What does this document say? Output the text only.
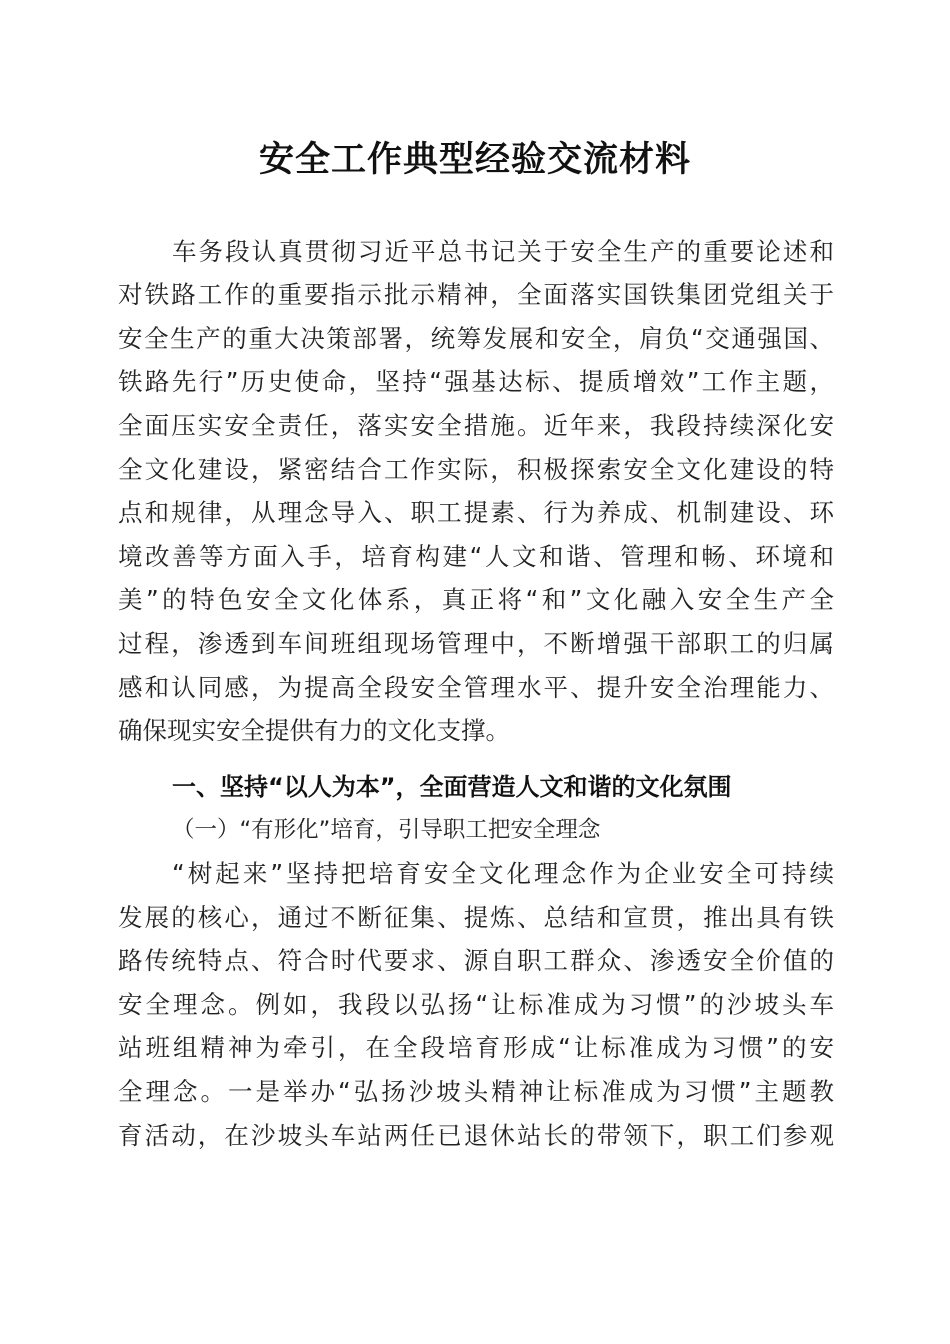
安全工作典型经验交流材料
车务段认真贯彻习近平总书记关于安全生产的重要论述和
对铁路工作的重要指示批示精神，全面落实国铁集团党组关于
安全生产的重大决策部署，统筹发展和安全，肩负“交通强国、
铁路先行”历史使命，坚持“强基达标、提质增效”工作主题，
全面压实安全责任，落实安全措施。近年来，我段持续深化安
全文化建设，紧密结合工作实际，积极探索安全文化建设的特
点和规律，从理念导入、职工提素、行为养成、机制建设、环
境改善等方面入手，培育构建“人文和谐、管理和畅、环境和
美”的特色安全文化体系，真正将“和”文化融入安全生产全
过程，渗透到车间班组现场管理中，不断增强干部职工的归属
感和认同感，为提高全段安全管理水平、提升安全治理能力、
确保现实安全提供有力的文化支撑。
一、坚持“以人为本”，全面营造人文和谐的文化氛围
（一）“有形化”培育，引导职工把安全理念
“树起来”坚持把培育安全文化理念作为企业安全可持续
发展的核心，通过不断征集、提炼、总结和宣贯，推出具有铁
路传统特点、符合时代要求、源自职工群众、渗透安全价值的
安全理念。例如，我段以弘扬“让标准成为习惯”的沙坡头车
站班组精神为牵引，在全段培育形成“让标准成为习惯”的安
全理念。一是举办“弘扬沙坡头精神让标准成为习惯”主题教
育活动，在沙坡头车站两任已退休站长的带领下，职工们参观
